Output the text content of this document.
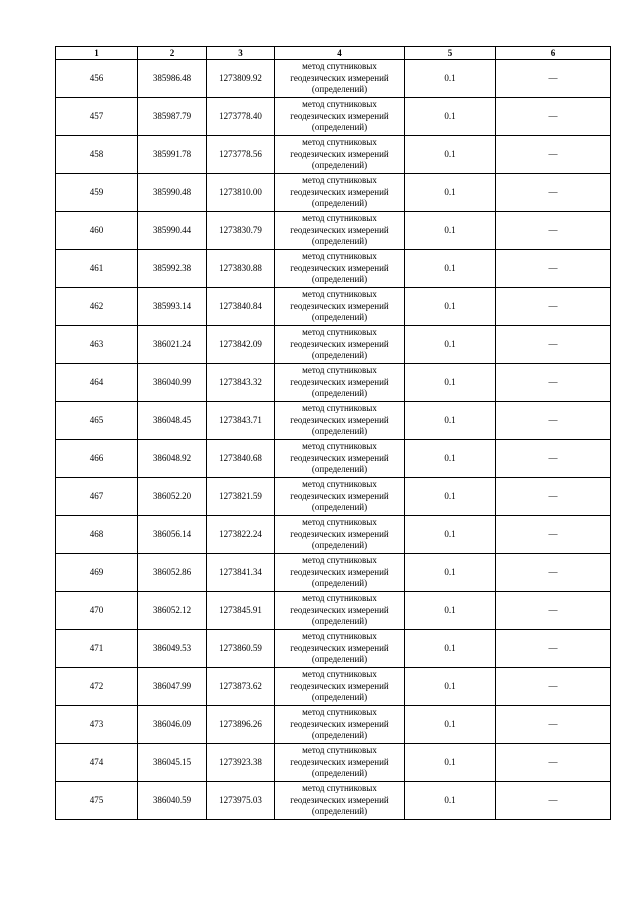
1	2	3	4	5	6
456	385986.48	1273809.92	метод спутниковых
геодезических измерений
(определений)	0.1	—
457	385987.79	1273778.40	метод спутниковых
геодезических измерений
(определений)	0.1	—
458	385991.78	1273778.56	метод спутниковых
геодезических измерений
(определений)	0.1	—
459	385990.48	1273810.00	метод спутниковых
геодезических измерений
(определений)	0.1	—
460	385990.44	1273830.79	метод спутниковых
геодезических измерений
(определений)	0.1	—
461	385992.38	1273830.88	метод спутниковых
геодезических измерений
(определений)	0.1	—
462	385993.14	1273840.84	метод спутниковых
геодезических измерений
(определений)	0.1	—
463	386021.24	1273842.09	метод спутниковых
геодезических измерений
(определений)	0.1	—
464	386040.99	1273843.32	метод спутниковых
геодезических измерений
(определений)	0.1	—
465	386048.45	1273843.71	метод спутниковых
геодезических измерений
(определений)	0.1	—
466	386048.92	1273840.68	метод спутниковых
геодезических измерений
(определений)	0.1	—
467	386052.20	1273821.59	метод спутниковых
геодезических измерений
(определений)	0.1	—
468	386056.14	1273822.24	метод спутниковых
геодезических измерений
(определений)	0.1	—
469	386052.86	1273841.34	метод спутниковых
геодезических измерений
(определений)	0.1	—
470	386052.12	1273845.91	метод спутниковых
геодезических измерений
(определений)	0.1	—
471	386049.53	1273860.59	метод спутниковых
геодезических измерений
(определений)	0.1	—
472	386047.99	1273873.62	метод спутниковых
геодезических измерений
(определений)	0.1	—
473	386046.09	1273896.26	метод спутниковых
геодезических измерений
(определений)	0.1	—
474	386045.15	1273923.38	метод спутниковых
геодезических измерений
(определений)	0.1	—
475	386040.59	1273975.03	метод спутниковых
геодезических измерений
(определений)	0.1	—
